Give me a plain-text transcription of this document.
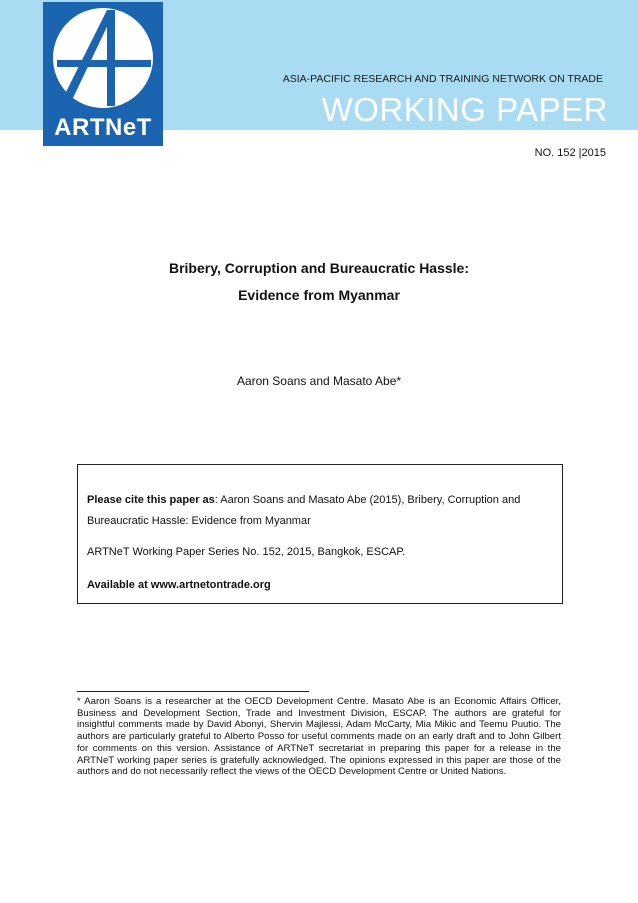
ARTNeT
ASIA-PACIFIC RESEARCH AND TRAINING NETWORK ON TRADE
WORKING PAPER
NO. 152 |2015
Bribery, Corruption and Bureaucratic Hassle:
Evidence from Myanmar
Aaron Soans and Masato Abe*

Please cite this paper as: Aaron Soans and Masato Abe (2015), Bribery, Corruption and Bureaucratic Hassle: Evidence from Myanmar

ARTNeT Working Paper Series No. 152, 2015, Bangkok, ESCAP.

Available at www.artnetontrade.org

* Aaron Soans is a researcher at the OECD Development Centre. Masato Abe is an Economic Affairs Officer, Business and Development Section, Trade and Investment Division, ESCAP. The authors are grateful for insightful comments made by David Abonyi, Shervin Majlessi, Adam McCarty, Mia Mikic and Teemu Puutio. The authors are particularly grateful to Alberto Posso for useful comments made on an early draft and to John Gilbert for comments on this version. Assistance of ARTNeT secretariat in preparing this paper for a release in the ARTNeT working paper series is gratefully acknowledged. The opinions expressed in this paper are those of the authors and do not necessarily reflect the views of the OECD Development Centre or United Nations.
